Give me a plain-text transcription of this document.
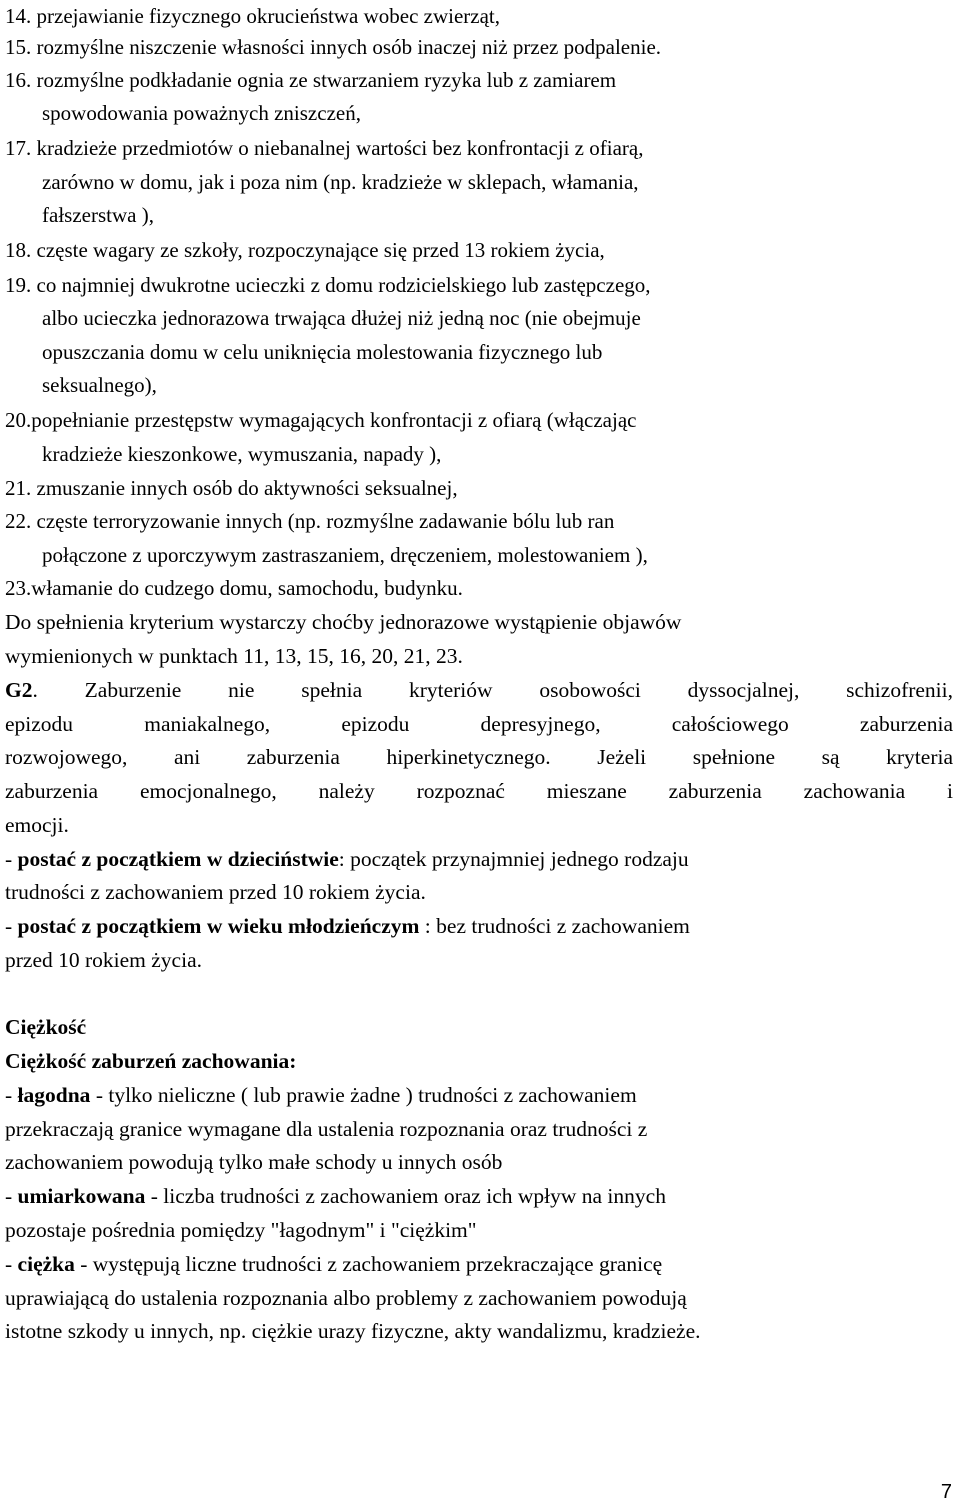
14. przejawianie fizycznego okrucieństwa wobec zwierząt,
15. rozmyślne niszczenie własności innych osób inaczej niż przez podpalenie.
16. rozmyślne podkładanie ognia ze stwarzaniem ryzyka lub z zamiarem
spowodowania poważnych zniszczeń,
17. kradzieże przedmiotów o niebanalnej wartości bez konfrontacji z ofiarą,
zarówno w domu, jak i poza nim (np. kradzieże w sklepach, włamania,
fałszerstwa ),
18. częste wagary ze szkoły, rozpoczynające się przed 13 rokiem życia,
19. co najmniej dwukrotne ucieczki z domu rodzicielskiego lub zastępczego,
albo ucieczka jednorazowa trwająca dłużej niż jedną noc (nie obejmuje
opuszczania domu w celu uniknięcia molestowania fizycznego lub
seksualnego),
20.popełnianie przestępstw wymagających konfrontacji z ofiarą (włączając
kradzieże kieszonkowe, wymuszania, napady ),
21. zmuszanie innych osób do aktywności seksualnej,
22. częste terroryzowanie innych (np. rozmyślne zadawanie bólu lub ran
połączone z uporczywym zastraszaniem, dręczeniem, molestowaniem ),
23.włamanie do cudzego domu, samochodu, budynku.
Do spełnienia kryterium wystarczy choćby jednorazowe wystąpienie objawów
wymienionych w punktach 11, 13, 15, 16, 20, 21, 23.
G2. Zaburzenie nie spełnia kryteriów osobowości dyssocjalnej, schizofrenii,
epizodu maniakalnego, epizodu depresyjnego, całościowego zaburzenia
rozwojowego, ani zaburzenia hiperkinetycznego. Jeżeli spełnione są kryteria
zaburzenia emocjonalnego, należy rozpoznać mieszane zaburzenia zachowania i
emocji.
- postać z początkiem w dzieciństwie: początek przynajmniej jednego rodzaju
trudności z zachowaniem przed 10 rokiem życia.
- postać z początkiem w wieku młodzieńczym : bez trudności z zachowaniem
przed 10 rokiem życia.
Ciężkość
Ciężkość zaburzeń zachowania:
- łagodna - tylko nieliczne ( lub prawie żadne ) trudności z zachowaniem
przekraczają granice wymagane dla ustalenia rozpoznania oraz trudności z
zachowaniem powodują tylko małe schody u innych osób
- umiarkowana - liczba trudności z zachowaniem oraz ich wpływ na innych
pozostaje pośrednia pomiędzy "łagodnym" i "ciężkim"
- ciężka - występują liczne trudności z zachowaniem przekraczające granicę
uprawiającą do ustalenia rozpoznania albo problemy z zachowaniem powodują
istotne szkody u innych, np. ciężkie urazy fizyczne, akty wandalizmu, kradzieże.
7
